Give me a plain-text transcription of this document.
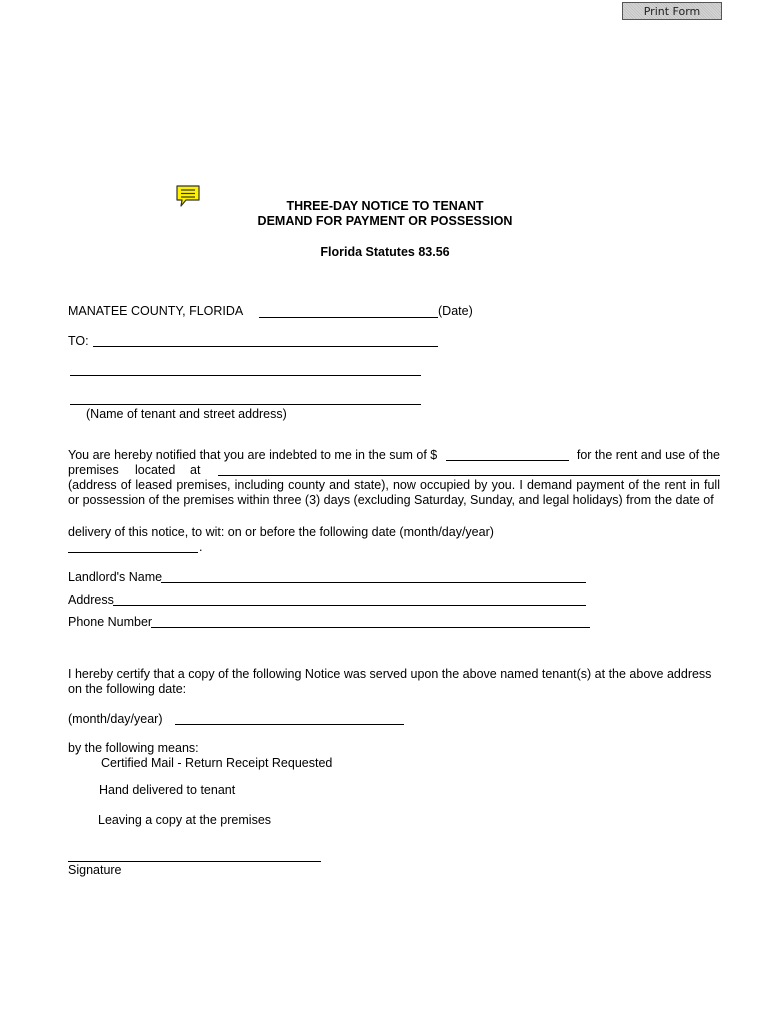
Print Form
THREE-DAY NOTICE TO TENANT
DEMAND FOR PAYMENT OR POSSESSION
Florida Statutes 83.56
MANATEE COUNTY, FLORIDA	(Date)
TO:
(Name of tenant and street address)
You are hereby notified that you are indebted to me in the sum of $	for the rent and use of the
premises located at
(address of leased premises, including county and state), now occupied by you. I demand payment of the rent in full
or possession of the premises within three (3) days (excluding Saturday, Sunday, and legal holidays) from the date of
delivery of this notice, to wit: on or before the following date (month/day/year)
.
Landlord's Name
Address
Phone Number
I hereby certify that a copy of the following Notice was served upon the above named tenant(s) at the above address
on the following date:
(month/day/year)
by the following means:
Certified Mail - Return Receipt Requested
Hand delivered to tenant
Leaving a copy at the premises
Signature
